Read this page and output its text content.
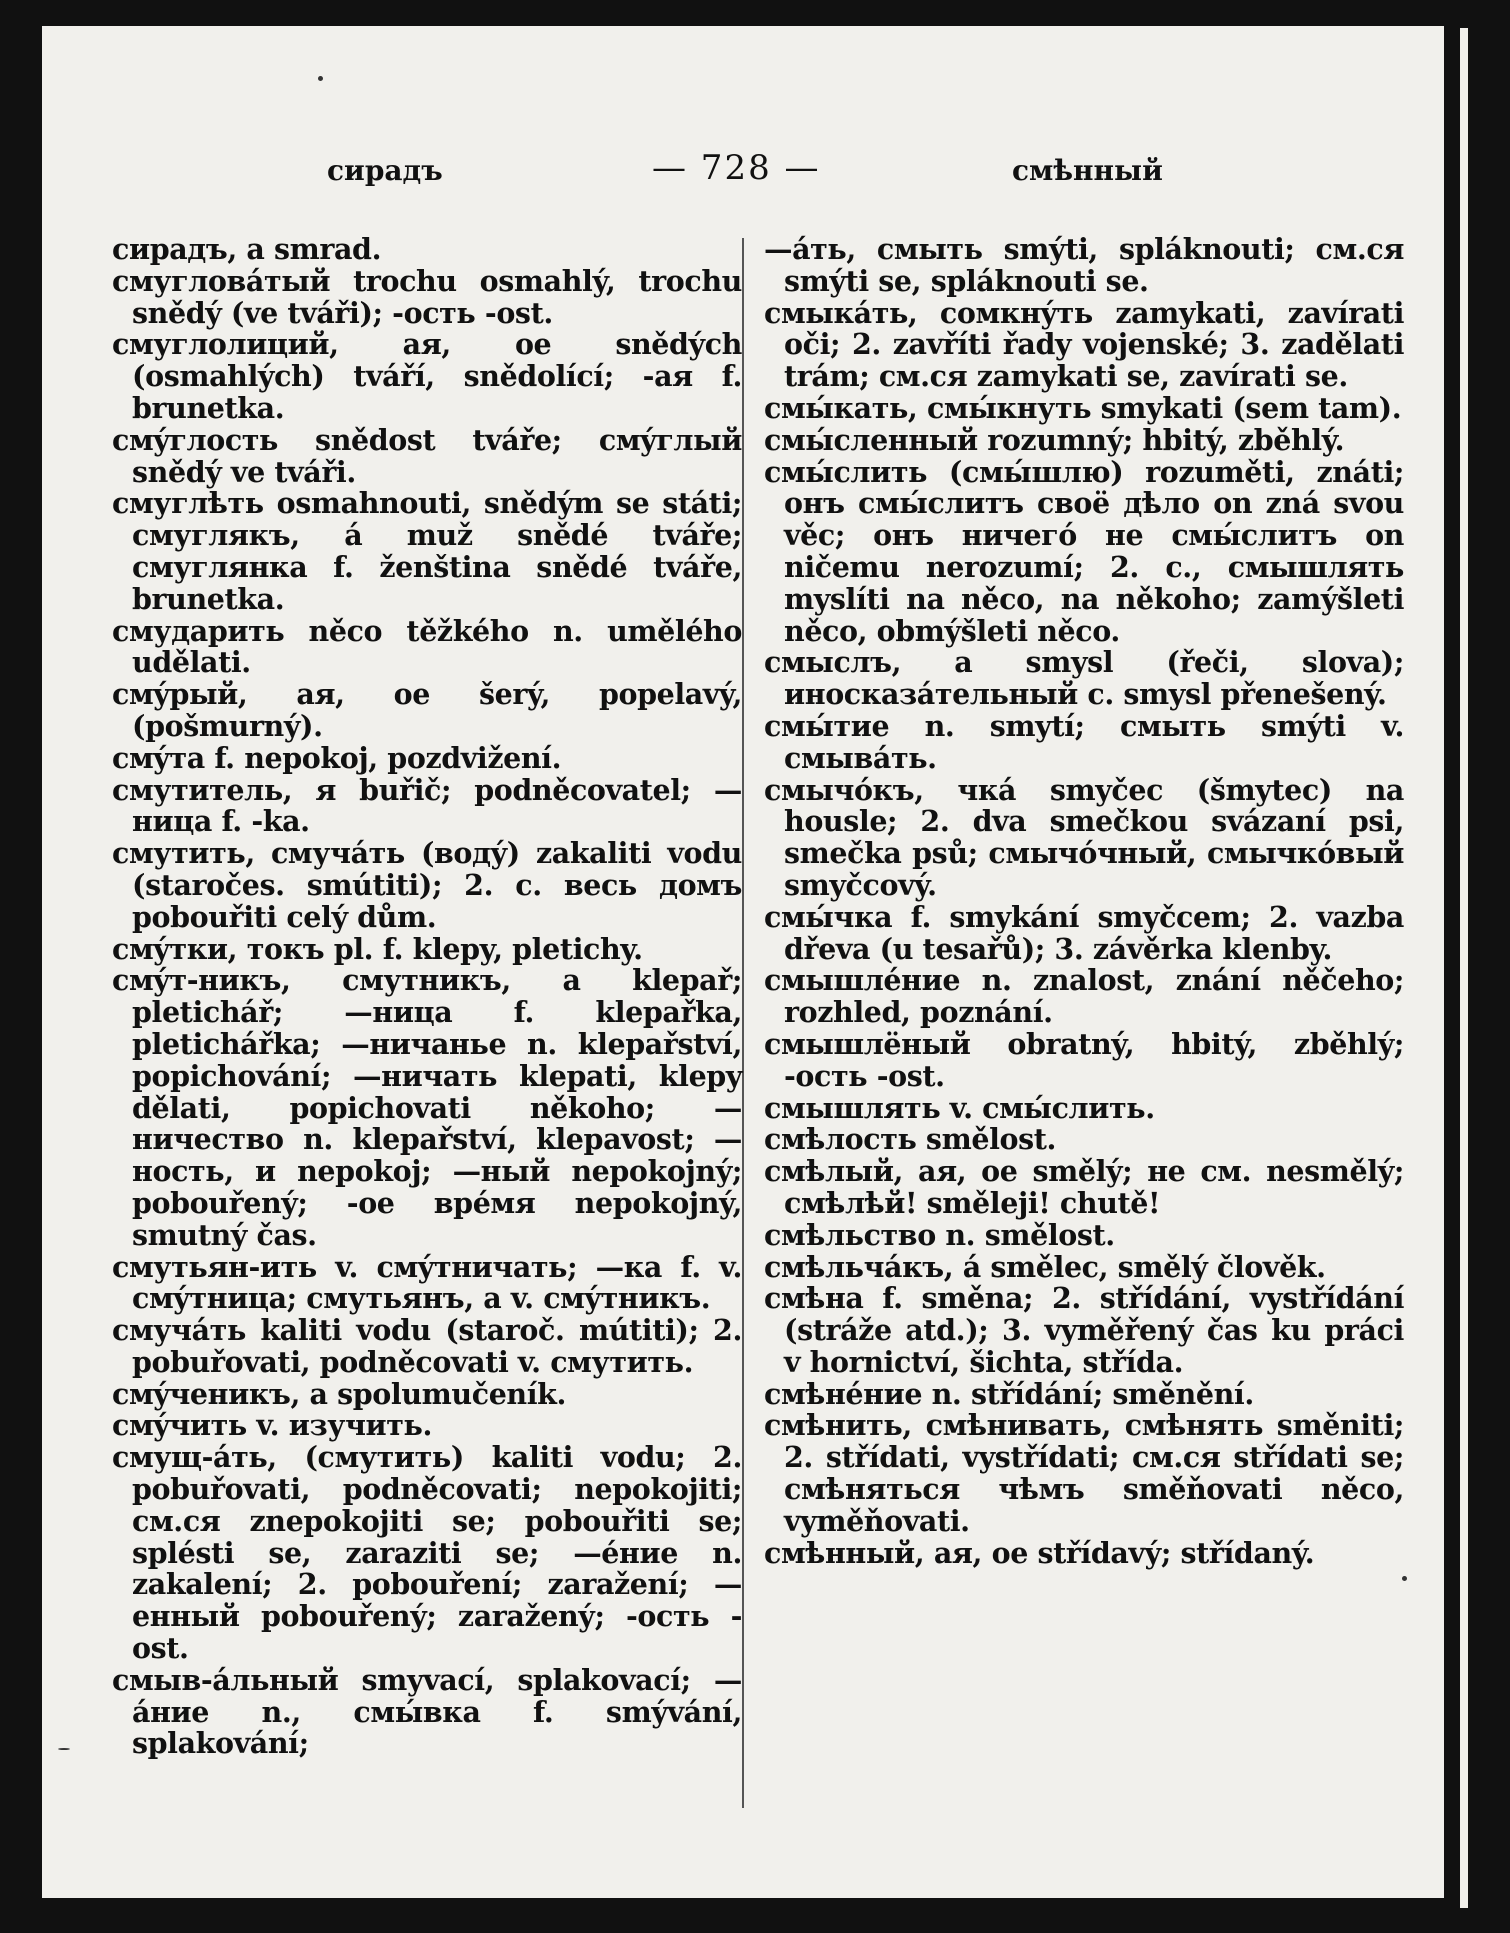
сирадъ	— 728 —	смѣнный

сирадъ, a smrad.

смугловáтый trochu osmahlý, trochu snědý (ve tváři); -ость -ost.

смуглолиций, ая, ое snědých (osmahlých) tváří, snědolící; -ая f. brunetka.

смýглость snědost tváře; смýглый snědý ve tváři.

смуглѣть osmahnouti, snědým se státi; смуглякъ, á muž snědé tváře; смуглянка f. ženština snědé tváře, brunetka.

смударить něco těžkého n. umělého udělati.

смýрый, ая, ое šerý, popelavý, (pošmurný).

смýта f. nepokoj, pozdvižení.

смутитель, я buřič; podněcovatel; —ница f. -ka.

смутить, смучáть (водý) zakaliti vodu (staročes. smútiti); 2. с. весь домъ pobouřiti celý dům.

смýтки, токъ pl. f. klepy, pletichy.

смýт-никъ, смутникъ, a klepař; pletichář; —ница f. klepařka, pletichářka; —ничанье n. klepařství, popichování; —ничать klepati, klepy dělati, popichovati někoho; —ничество n. klepařství, klepavost; —ность, и nepokoj; —ный nepokojný; pobouřený; -ое врéмя nepokojný, smutný čas.

смутьян-ить v. смýтничать; —ка f. v. смýтница; смутьянъ, a v. смýтникъ.

смучáть kaliti vodu (staroč. mútiti); 2. pobuřovati, podněcovati v. смутить.

смýченикъ, a spolumučeník.

смýчить v. изучить.

смущ-áть, (смутить) kaliti vodu; 2. pobuřovati, podněcovati; nepokojiti; см.ся znepokojiti se; pobouřiti se; splésti se, zaraziti se; —éние n. zakalení; 2. pobouření; zaražení; —енный pobouřený; zaražený; -ость -ost.

смыв-áльный smyvací, splakovací; —áние n., смы́вка f. smývání, splakování;

—áть, смыть smýti, spláknouti; см.ся smýti se, spláknouti se.

смыкáть, сомкнýть zamykati, zavírati oči; 2. zavříti řady vojenské; 3. zadělati trám; см.ся zamykati se, zavírati se.

смы́кать, смы́кнуть smykati (sem tam).

смы́сленный rozumný; hbitý, zběhlý.

смы́слить (смы́шлю) rozuměti, znáti; онъ смы́слитъ своё дѣло on zná svou věc; онъ ничегó не смы́слитъ on ničemu nerozumí; 2. с., смышлять myslíti na něco, na někoho; zamýšleti něco, obmýšleti něco.

смыслъ, a smysl (řeči, slova); иносказáтельный c. smysl přenešený.

смы́тие n. smytí; смыть smýti v. смывáть.

смычóкъ, чкá smyčec (šmytec) na housle; 2. dva smečkou svázaní psi, smečka psů; смычóчный, смычкóвый smyčcový.

смы́чка f. smykání smyčcem; 2. vazba dřeva (u tesařů); 3. závěrka klenby.

смышлéние n. znalost, znání něčeho; rozhled, poznání.

смышлёный obratný, hbitý, zběhlý; -ость -ost.

смышлять v. смы́слить.

смѣлость smělost.

смѣлый, ая, ое smělý; не см. nesmělý; смѣлѣй! směleji! chutě!

смѣльство n. smělost.

смѣльчáкъ, á smělec, smělý člověk.

смѣна f. směna; 2. střídání, vystřídání (stráže atd.); 3. vyměřený čas ku práci v hornictví, šichta, střída.

смѣнéние n. střídání; směnění.

смѣнить, смѣнивать, смѣнять směniti; 2. střídati, vystřídati; см.ся střídati se; смѣняться чѣмъ směňovati něco, vyměňovati.

смѣнный, ая, ое střídavý; střídaný.
